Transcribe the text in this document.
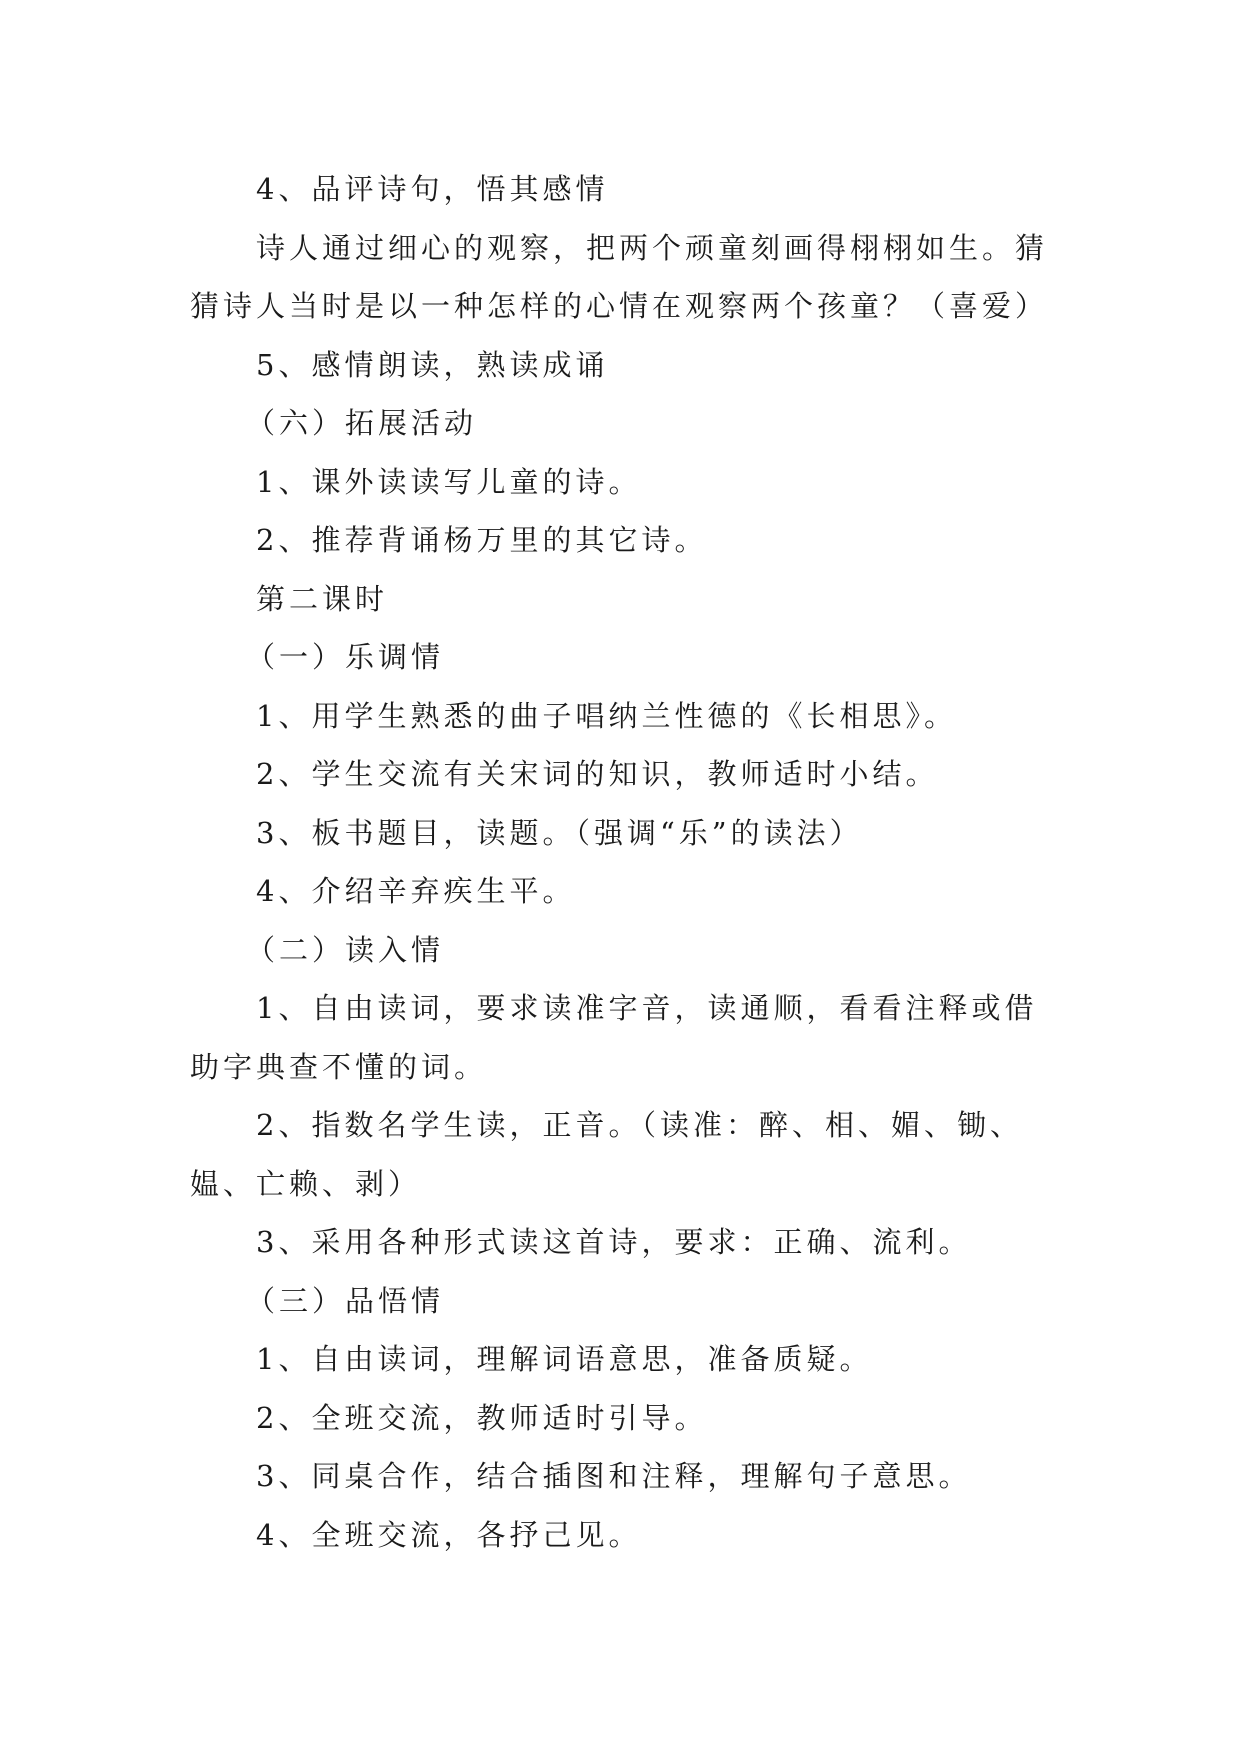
4、品评诗句，悟其感情

诗人通过细心的观察，把两个顽童刻画得栩栩如生。猜猜诗人当时是以一种怎样的心情在观察两个孩童？（喜爱）

5、感情朗读，熟读成诵

（六）拓展活动

1、课外读读写儿童的诗。

2、推荐背诵杨万里的其它诗。

第二课时

（一）乐调情

1、用学生熟悉的曲子唱纳兰性德的《长相思》。

2、学生交流有关宋词的知识，教师适时小结。

3、板书题目，读题。（强调“乐”的读法）

4、介绍辛弃疾生平。

（二）读入情

1、自由读词，要求读准字音，读通顺，看看注释或借助字典查不懂的词。

2、指数名学生读，正音。（读准：醉、相、媚、锄、媪、亡赖、剥）

3、采用各种形式读这首诗，要求：正确、流利。

（三）品悟情

1、自由读词，理解词语意思，准备质疑。

2、全班交流，教师适时引导。

3、同桌合作，结合插图和注释，理解句子意思。

4、全班交流，各抒己见。
